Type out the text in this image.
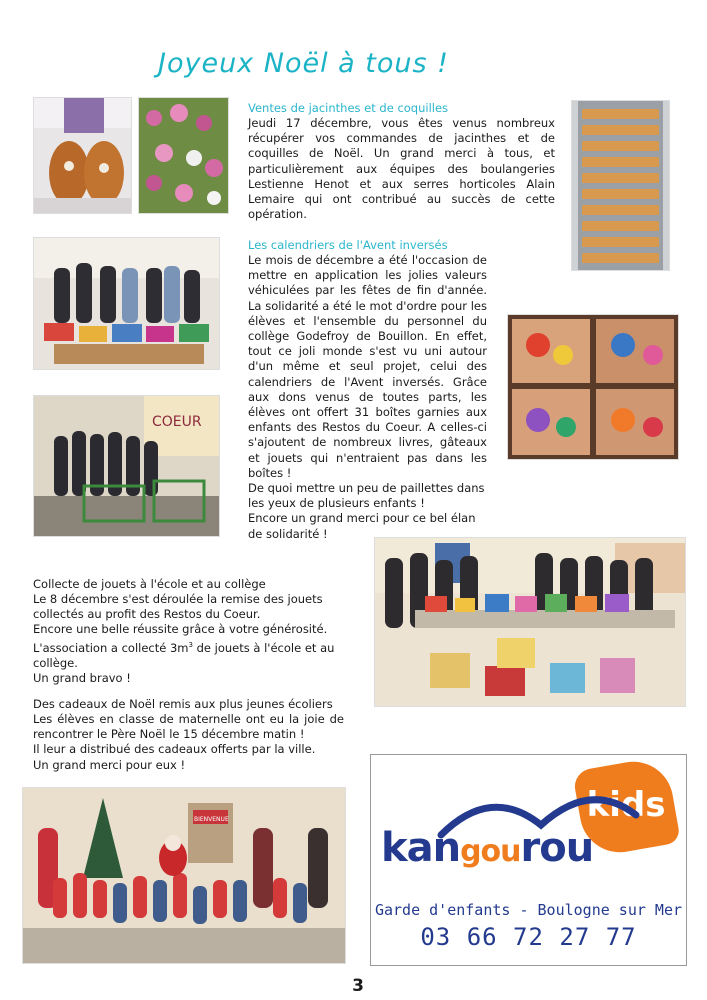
Joyeux Noël à tous !
Ventes de jacinthes et de coquilles

Jeudi 17 décembre, vous êtes venus nombreux récupérer vos commandes de jacinthes et de coquilles de Noël. Un grand merci à tous, et particulièrement aux équipes des boulangeries Lestienne Henot et aux serres horticoles Alain Lemaire qui ont contribué au succès de cette opération.

Les calendriers de l'Avent inversés

Le mois de décembre a été l'occasion de mettre en application les jolies valeurs véhiculées par les fêtes de fin d'année. La solidarité a été le mot d'ordre pour les élèves et l'ensemble du personnel du collège Godefroy de Bouillon. En effet, tout ce joli monde s'est vu uni autour d'un même et seul projet, celui des calendriers de l'Avent inversés. Grâce aux dons venus de toutes parts, les élèves ont offert 31 boîtes garnies aux enfants des Restos du Coeur. A celles-ci s'ajoutent de nombreux livres, gâteaux et jouets qui n'entraient pas dans les boîtes !

De quoi mettre un peu de paillettes dans les yeux de plusieurs enfants !

Encore un grand merci pour ce bel élan de solidarité !

COEUR

Collecte de jouets à l'école et au collège

Le 8 décembre s'est déroulée la remise des jouets collectés au profit des Restos du Coeur.

Encore une belle réussite grâce à votre générosité.

L'association a collecté $3m^3$ de jouets à l'école et au collège.

Un grand bravo !

Des cadeaux de Noël remis aux plus jeunes écoliers

Les élèves en classe de maternelle ont eu la joie de rencontrer le Père Noël le 15 décembre matin !

Il leur a distribué des cadeaux offerts par la ville.

Un grand merci pour eux !

BIENVENUE	kids
kangourou
Garde d'enfants - Boulogne sur Mer
03 66 72 27 77
3
